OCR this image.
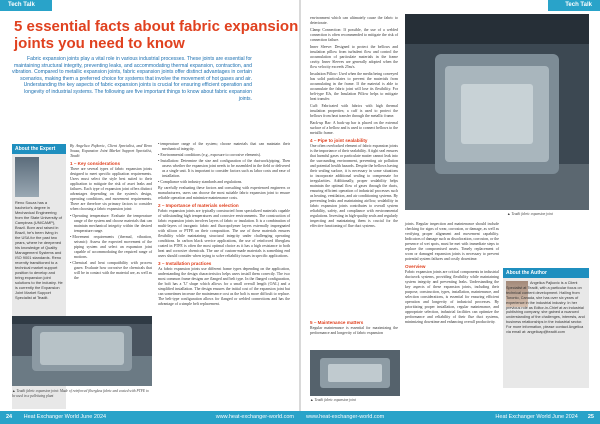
Tech Talk	Tech Talk
5 essential facts about fabric expansion joints you need to know
Fabric expansion joints play a vital role in various industrial processes. These joints are essential for maintaining structural integrity, preventing leaks, and accommodating thermal expansion, contraction, and vibration. Compared to metallic expansion joints, fabric expansion joints offer distinct advantages in certain scenarios, making them a preferred choice for systems that involve the movement of hot gases and air. Understanding the key aspects of fabric expansion joints is crucial for ensuring efficient operation and longevity of industrial systems. The following are five important things to know about fabric expansion joints.
About the Expert
Reno Souza has a bachelor's degree in Mechanical Engineering from the State University of Campinas (UNICAMP), Brazil. Born and raised in Brazil, he's been living in the USA for the past two years, where he deepened his knowledge of Quality Management Systems and ISO 9001 standards. Reno recently transitioned to a technical market support position to develop and bring expansion joint solutions to the industry. He is currently the Expansion Joint Market Support Specialist at Teadit.

By Angelica Pajkovic, Client Specialist, and Reno Souza, Expansion Joint Market Support Specialist, Teadit

1 – Key considerations

There are several types of fabric expansion joints designed to meet specific application requirements. Users must select the style best suited to their application to mitigate the risk of asset leaks and failures. Each type of expansion joint offers distinct advantages depending on the system's design, operating conditions, and movement requirements. There are therefore six primary factors to consider when choosing a fabric expansion joint:

• Operating temperature: Evaluate the temperature range of the system and choose materials that can maintain mechanical integrity within the desired temperature range.
• Movement requirements (thermal, vibration, seismic): Assess the expected movement of the piping system and select an expansion joint capable of accommodating the required range of motions.
• Chemical and heat compatibility with process gases: Evaluate how corrosive the chemicals that will be in contact with the material are, as well as the
• temperature range of the system; choose materials that can maintain their mechanical integrity.
• Environmental conditions (e.g., exposure to corrosive elements).
• Installation: Determine the size and configuration of the ductwork/piping. Then assess whether the expansion joint needs to be assembled in the field or delivered as a single unit. It is important to consider factors such as labor costs and ease of installation.
• Compliance with industry standards and regulations.

By carefully evaluating these factors and consulting with experienced engineers or manufacturers, users can choose the most suitable fabric expansion joint to ensure reliable operation and minimize maintenance costs.

2 – Importance of materials selection

Fabric expansion joints are typically constructed from specialized materials capable of withstanding high temperatures and corrosive environments. The construction of fabric expansion joints involves layers of fabric or insulation. It is a combination of multi-layers of inorganic fabric and fluoropolymer layers externally impregnated with silicon or PTFE on their composition. The use of these materials ensures flexibility while maintaining structural integrity under challenging operating conditions. In carbon black service applications, the use of reinforced fiberglass coated in PTFE is often the most optimal choice as it has a high resistance to both heat and corrosive chemicals. The use of custom-made materials is something end users should consider when trying to solve reliability issues in specific applications.

3 – Installation practices

As fabric expansion joints use different frame types depending on the application, understanding the design characteristics helps users install them correctly. The two most common frame designs are flanged and belt type. In the flanged configuration, the bolt has a 'U' shape which allows for a small overall length (OAL) and a simplified installation. The design ensures the initial cost of the expansion joint but can sometimes increase the maintenance cost as the bolt is more difficult to replace. The belt-type configuration allows for flanged or welded connections and has the advantage of a simple belt replacement.

▲ Teadit fabric expansion joint: Made of reinforced fiberglass fabric and coated with PTFE to be used in a pelletizing plant

environment which can ultimately cause the fabric to deteriorate.

Clamp Connection: If possible, the use of a welded connection is often recommended to mitigate the risk of connection failure.

Inner Sleeve: Designed to protect the bellows and insulation pillow from turbulent flow and control the accumulation of particulate materials in the frame cavity. Inner Sleeves are generally adopted when the flow velocity exceeds 25m/s.

Insulation Pillow: Used when the media being conveyed has solid particulates to prevent the materials from accumulating in the frame. If the material is able to accumulate the fabric joint will lose its flexibility. For belt-type EJs, the Insulation Pillow helps to mitigate heat transfer.

Cuff: Fabricated with fabrics with high thermal insulation properties; a cuff is used to protect the bellows from heat transfer through the metallic frame.

Back-up Bar: A back-up bar is placed on the external surface of a bellow and is used to connect bellows to the metallic frame.

4 – Pipe to joint sealability

One often overlooked element of fabric expansion joints is the importance of their sealability. A tight seal ensures that harmful gases or particulate matter cannot leak into the surrounding environment, preventing air pollution and potential health hazards. Despite the bellows having their sealing surface, it is necessary in some situations to incorporate additional sealing to compensate for irregularities. Additionally, proper sealability helps maintain the optimal flow of gases through the ducts, ensuring efficient operation of industrial processes such as heating, ventilation, and air conditioning systems. By preventing leaks and maintaining airflow, sealability in fabric expansion joints contributes to overall system reliability, safety, and compliance with environmental regulations. Investing in high-quality seals and regularly inspecting and maintaining them is crucial for the effective functioning of flue duct systems.	joints. Regular inspection and maintenance should include checking for signs of wear, corrosion, or damage, as well as verifying proper alignment and movement capability. Indicators of damage such as discoloration, corrosion, or the presence of wet spots, must be met with immediate steps to replace the compromised assets. Timely replacement of worn or damaged expansion joints is necessary to prevent potential system failures and costly downtime.

Overview

Fabric expansion joints are critical components in industrial ductwork systems, providing flexibility while maintaining system integrity and preventing leaks. Understanding the key aspects of these expansion joints, including their purpose, construction, types, installation, maintenance, and selection considerations, is essential for ensuring efficient operation and longevity of industrial processes. By prioritizing proper installation, regular maintenance, and appropriate selection, industrial facilities can optimize the performance and reliability of their flue duct systems, minimizing downtime and enhancing overall productivity.

▲ Teadit fabric expansion joint
5 – Maintenance matters

Regular maintenance is essential for maximizing the performance and longevity of fabric expansion

▲ Teadit fabric expansion joint
About the Author
Angelica Pajkovic is a Client Specialist at Teadit, with a particular focus on technical content development. Hailing from Toronto, Canada, she has over six years of experience in the industrial industry. In her previous role as Editor-in-Chief at an industrial publishing company, she gained a nuanced understanding of the challenges, interests, and business relationships in the industrial sector. For more information, please contact Angelica via email at: angelicap@teadit.com
24 Heat Exchanger World June 2024	www.heat-exchanger-world.com www.heat-exchanger-world.com	25
Heat Exchanger World June 2024
